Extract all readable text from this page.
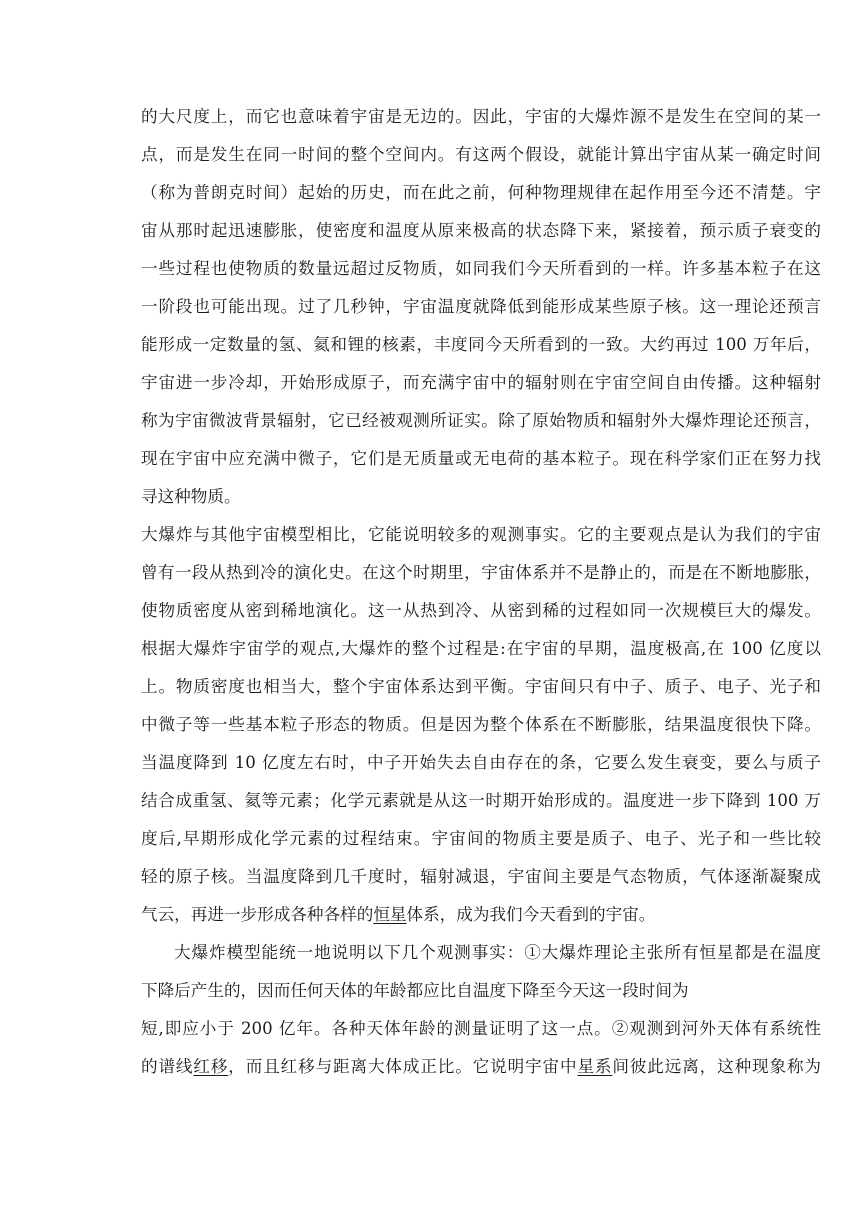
的大尺度上，而它也意味着宇宙是无边的。因此，宇宙的大爆炸源不是发生在空间的某一
点，而是发生在同一时间的整个空间内。有这两个假设，就能计算出宇宙从某一确定时间
（称为普朗克时间）起始的历史，而在此之前，何种物理规律在起作用至今还不清楚。宇
宙从那时起迅速膨胀，使密度和温度从原来极高的状态降下来，紧接着，预示质子衰变的
一些过程也使物质的数量远超过反物质，如同我们今天所看到的一样。许多基本粒子在这
一阶段也可能出现。过了几秒钟，宇宙温度就降低到能形成某些原子核。这一理论还预言
能形成一定数量的氢、氦和锂的核素，丰度同今天所看到的一致。大约再过 100 万年后，
宇宙进一步冷却，开始形成原子，而充满宇宙中的辐射则在宇宙空间自由传播。这种辐射
称为宇宙微波背景辐射，它已经被观测所证实。除了原始物质和辐射外大爆炸理论还预言，
现在宇宙中应充满中微子，它们是无质量或无电荷的基本粒子。现在科学家们正在努力找
寻这种物质。
大爆炸与其他宇宙模型相比，它能说明较多的观测事实。它的主要观点是认为我们的宇宙
曾有一段从热到冷的演化史。在这个时期里，宇宙体系并不是静止的，而是在不断地膨胀，
使物质密度从密到稀地演化。这一从热到冷、从密到稀的过程如同一次规模巨大的爆发。
根据大爆炸宇宙学的观点,大爆炸的整个过程是:在宇宙的早期，温度极高,在 100 亿度以
上。物质密度也相当大，整个宇宙体系达到平衡。宇宙间只有中子、质子、电子、光子和
中微子等一些基本粒子形态的物质。但是因为整个体系在不断膨胀，结果温度很快下降。
当温度降到 10 亿度左右时，中子开始失去自由存在的条，它要么发生衰变，要么与质子
结合成重氢、氦等元素；化学元素就是从这一时期开始形成的。温度进一步下降到 100 万
度后,早期形成化学元素的过程结束。宇宙间的物质主要是质子、电子、光子和一些比较
轻的原子核。当温度降到几千度时，辐射减退，宇宙间主要是气态物质，气体逐渐凝聚成
气云，再进一步形成各种各样的恒星体系，成为我们今天看到的宇宙。
大爆炸模型能统一地说明以下几个观测事实：①大爆炸理论主张所有恒星都是在温度
下降后产生的，因而任何天体的年龄都应比自温度下降至今天这一段时间为
短,即应小于 200 亿年。各种天体年龄的测量证明了这一点。②观测到河外天体有系统性
的谱线红移，而且红移与距离大体成正比。它说明宇宙中星系间彼此远离，这种现象称为
